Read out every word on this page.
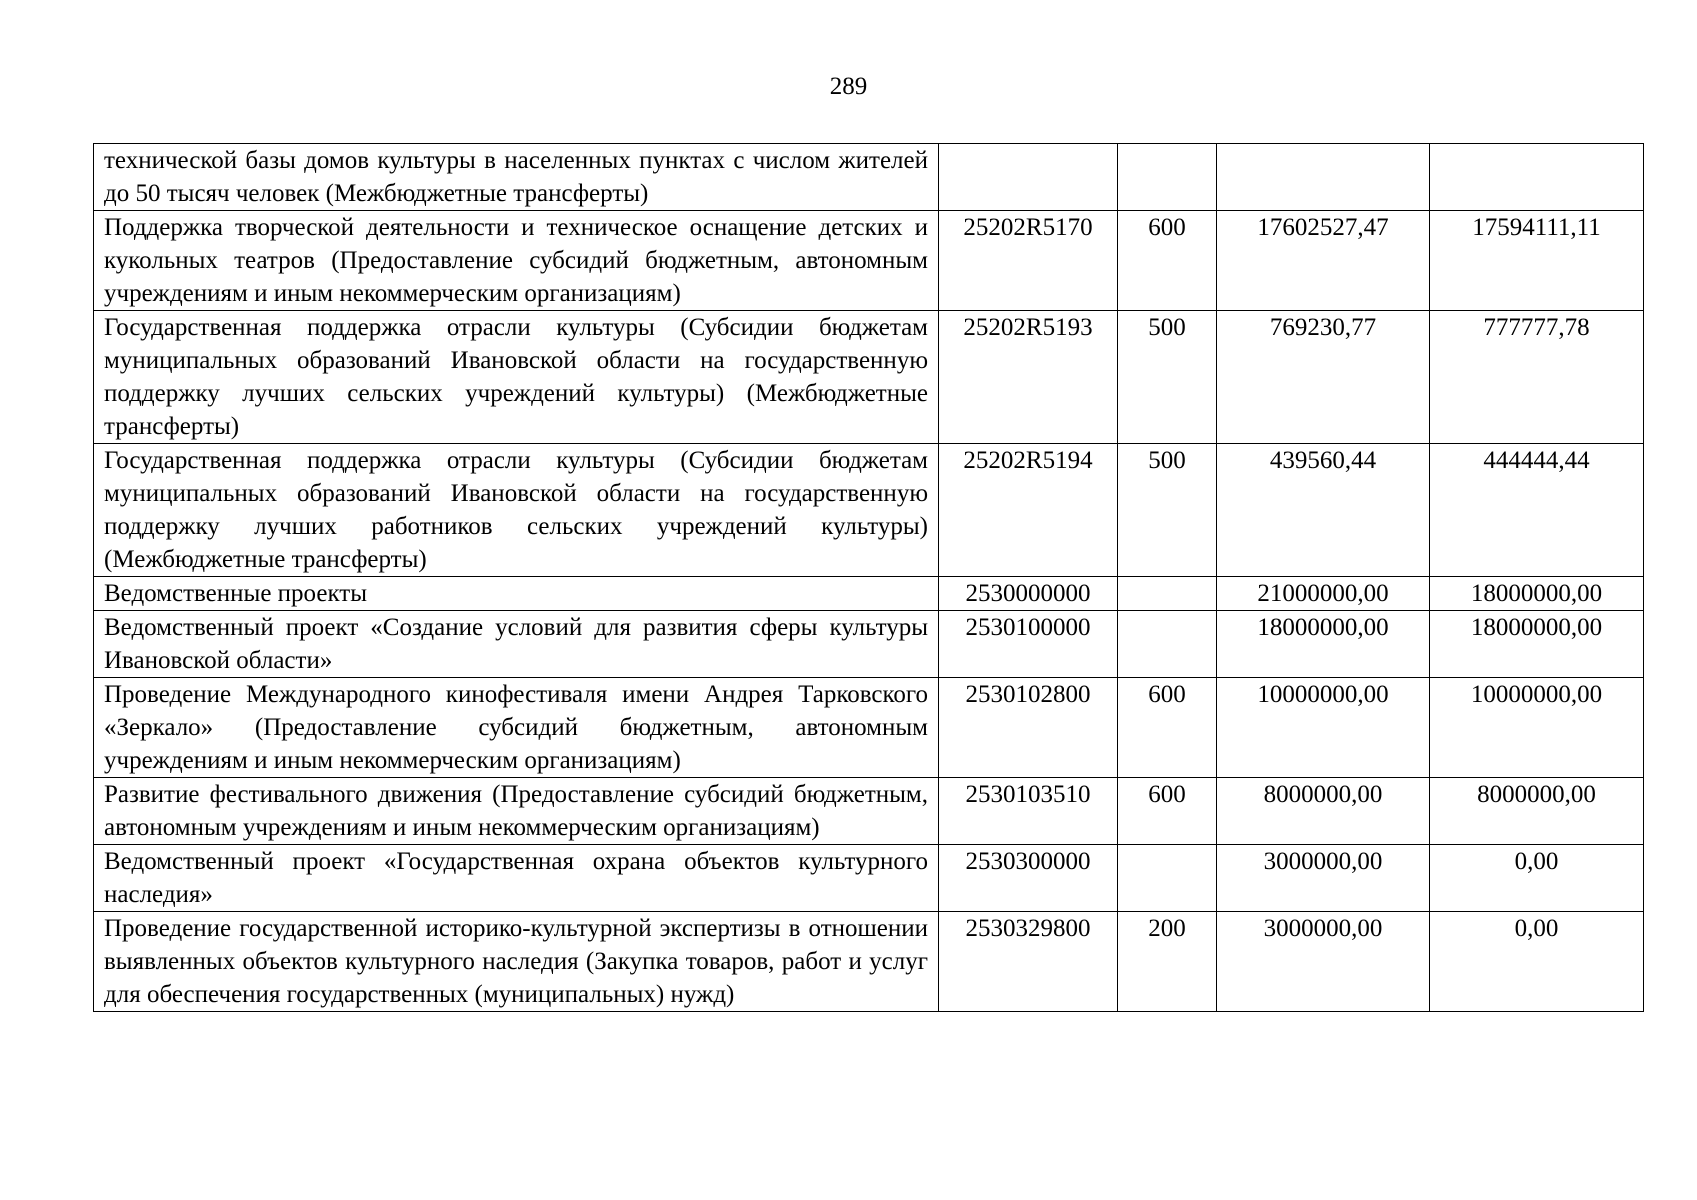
289
технической базы домов культуры в населенных пунктах с числом жителей до 50 тысяч человек (Межбюджетные трансферты)				
Поддержка творческой деятельности и техническое оснащение детских и кукольных театров (Предоставление субсидий бюджетным, автономным учреждениям и иным некоммерческим организациям)	25202R5170	600	17602527,47	17594111,11
Государственная поддержка отрасли культуры (Субсидии бюджетам муниципальных образований Ивановской области на государственную поддержку лучших сельских учреждений культуры) (Межбюджетные трансферты)	25202R5193	500	769230,77	777777,78
Государственная поддержка отрасли культуры (Субсидии бюджетам муниципальных образований Ивановской области на государственную поддержку лучших работников сельских учреждений культуры) (Межбюджетные трансферты)	25202R5194	500	439560,44	444444,44
Ведомственные проекты	2530000000		21000000,00	18000000,00
Ведомственный проект «Создание условий для развития сферы культуры Ивановской области»	2530100000		18000000,00	18000000,00
Проведение Международного кинофестиваля имени Андрея Тарковского «Зеркало» (Предоставление субсидий бюджетным, автономным учреждениям и иным некоммерческим организациям)	2530102800	600	10000000,00	10000000,00
Развитие фестивального движения (Предоставление субсидий бюджетным, автономным учреждениям и иным некоммерческим организациям)	2530103510	600	8000000,00	8000000,00
Ведомственный проект «Государственная охрана объектов культурного наследия»	2530300000		3000000,00	0,00
Проведение государственной историко-культурной экспертизы в отношении выявленных объектов культурного наследия (Закупка товаров, работ и услуг для обеспечения государственных (муниципальных) нужд)	2530329800	200	3000000,00	0,00
